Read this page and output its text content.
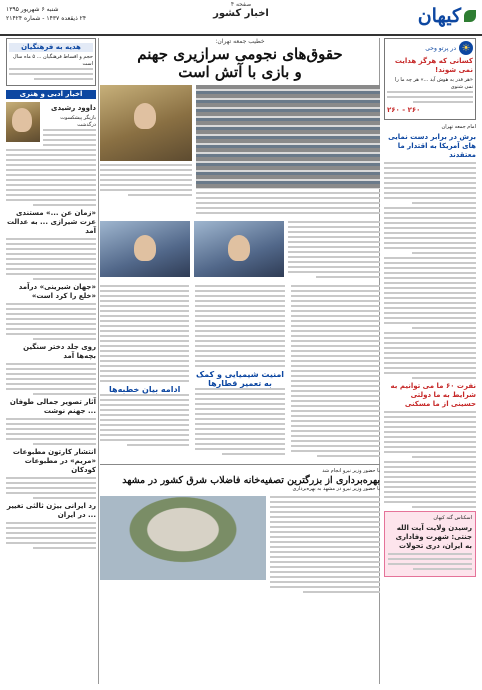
کیهان
صفحه ۴
اخبار کشور
شنبه ۶ شهریور ۱۳۹۵
۲۴ ذیقعده ۱۴۳۷ - شماره ۲۱۴۲۴
☀
در پرتو وحی
کسانی که هرگز هدایت نمی شوند!
«هر قدر به هوش آید ...» هر چه ما را نمی شنوی
۲۶۰ - ۲۶۰
امام جمعه تهران
برش در برابر دست نمایی های آمریکا به اقتدار ما معتقدند
نفرت ۶۰ ما می توانیم به شرایط به ما دولتی حسینی از ما مسکنی
اسکناس گنه کیهان
رسیدن ولایت آیت الله جنتی: شهرت وفاداری به ایران، دری تحولات
خطیب جمعه تهران:
حقوق‌های نجومی سرازیری جهنم
و بازی با آتش است
امنیت شیمیایی و کمک به تعمیر قطارها
ادامه بیان خطبه‌ها
با حضور وزیر نیرو انجام شد
بهره‌برداری از بزرگترین تصفیه‌خانه فاضلاب شرق کشور در مشهد
با حضور وزیر نیرو در مشهد به بهره‌برداری
هدیه به فرهنگیان
حجم و اقساط فرهنگیان ... ۵ ماه سال است
اخبار ادبی و هنری
داوود رشیدی
بازیگر پیشکسوت درگذشت
«زمان عن ...» مستندی عزت شیرازی ... به عدالت آمد
«جهان شیرینی» درآمد «خلع را کرد است»
روی جلد دختر سنگین بچه‌ها آمد
آثار تصویر جمالی طوفان ... جهنم نوشت
انتشار کارتون مطبوعات «مریم» در مطبوعات کودکان
رد ایرانی بیژن ثالثی تغییر ... در ایران
